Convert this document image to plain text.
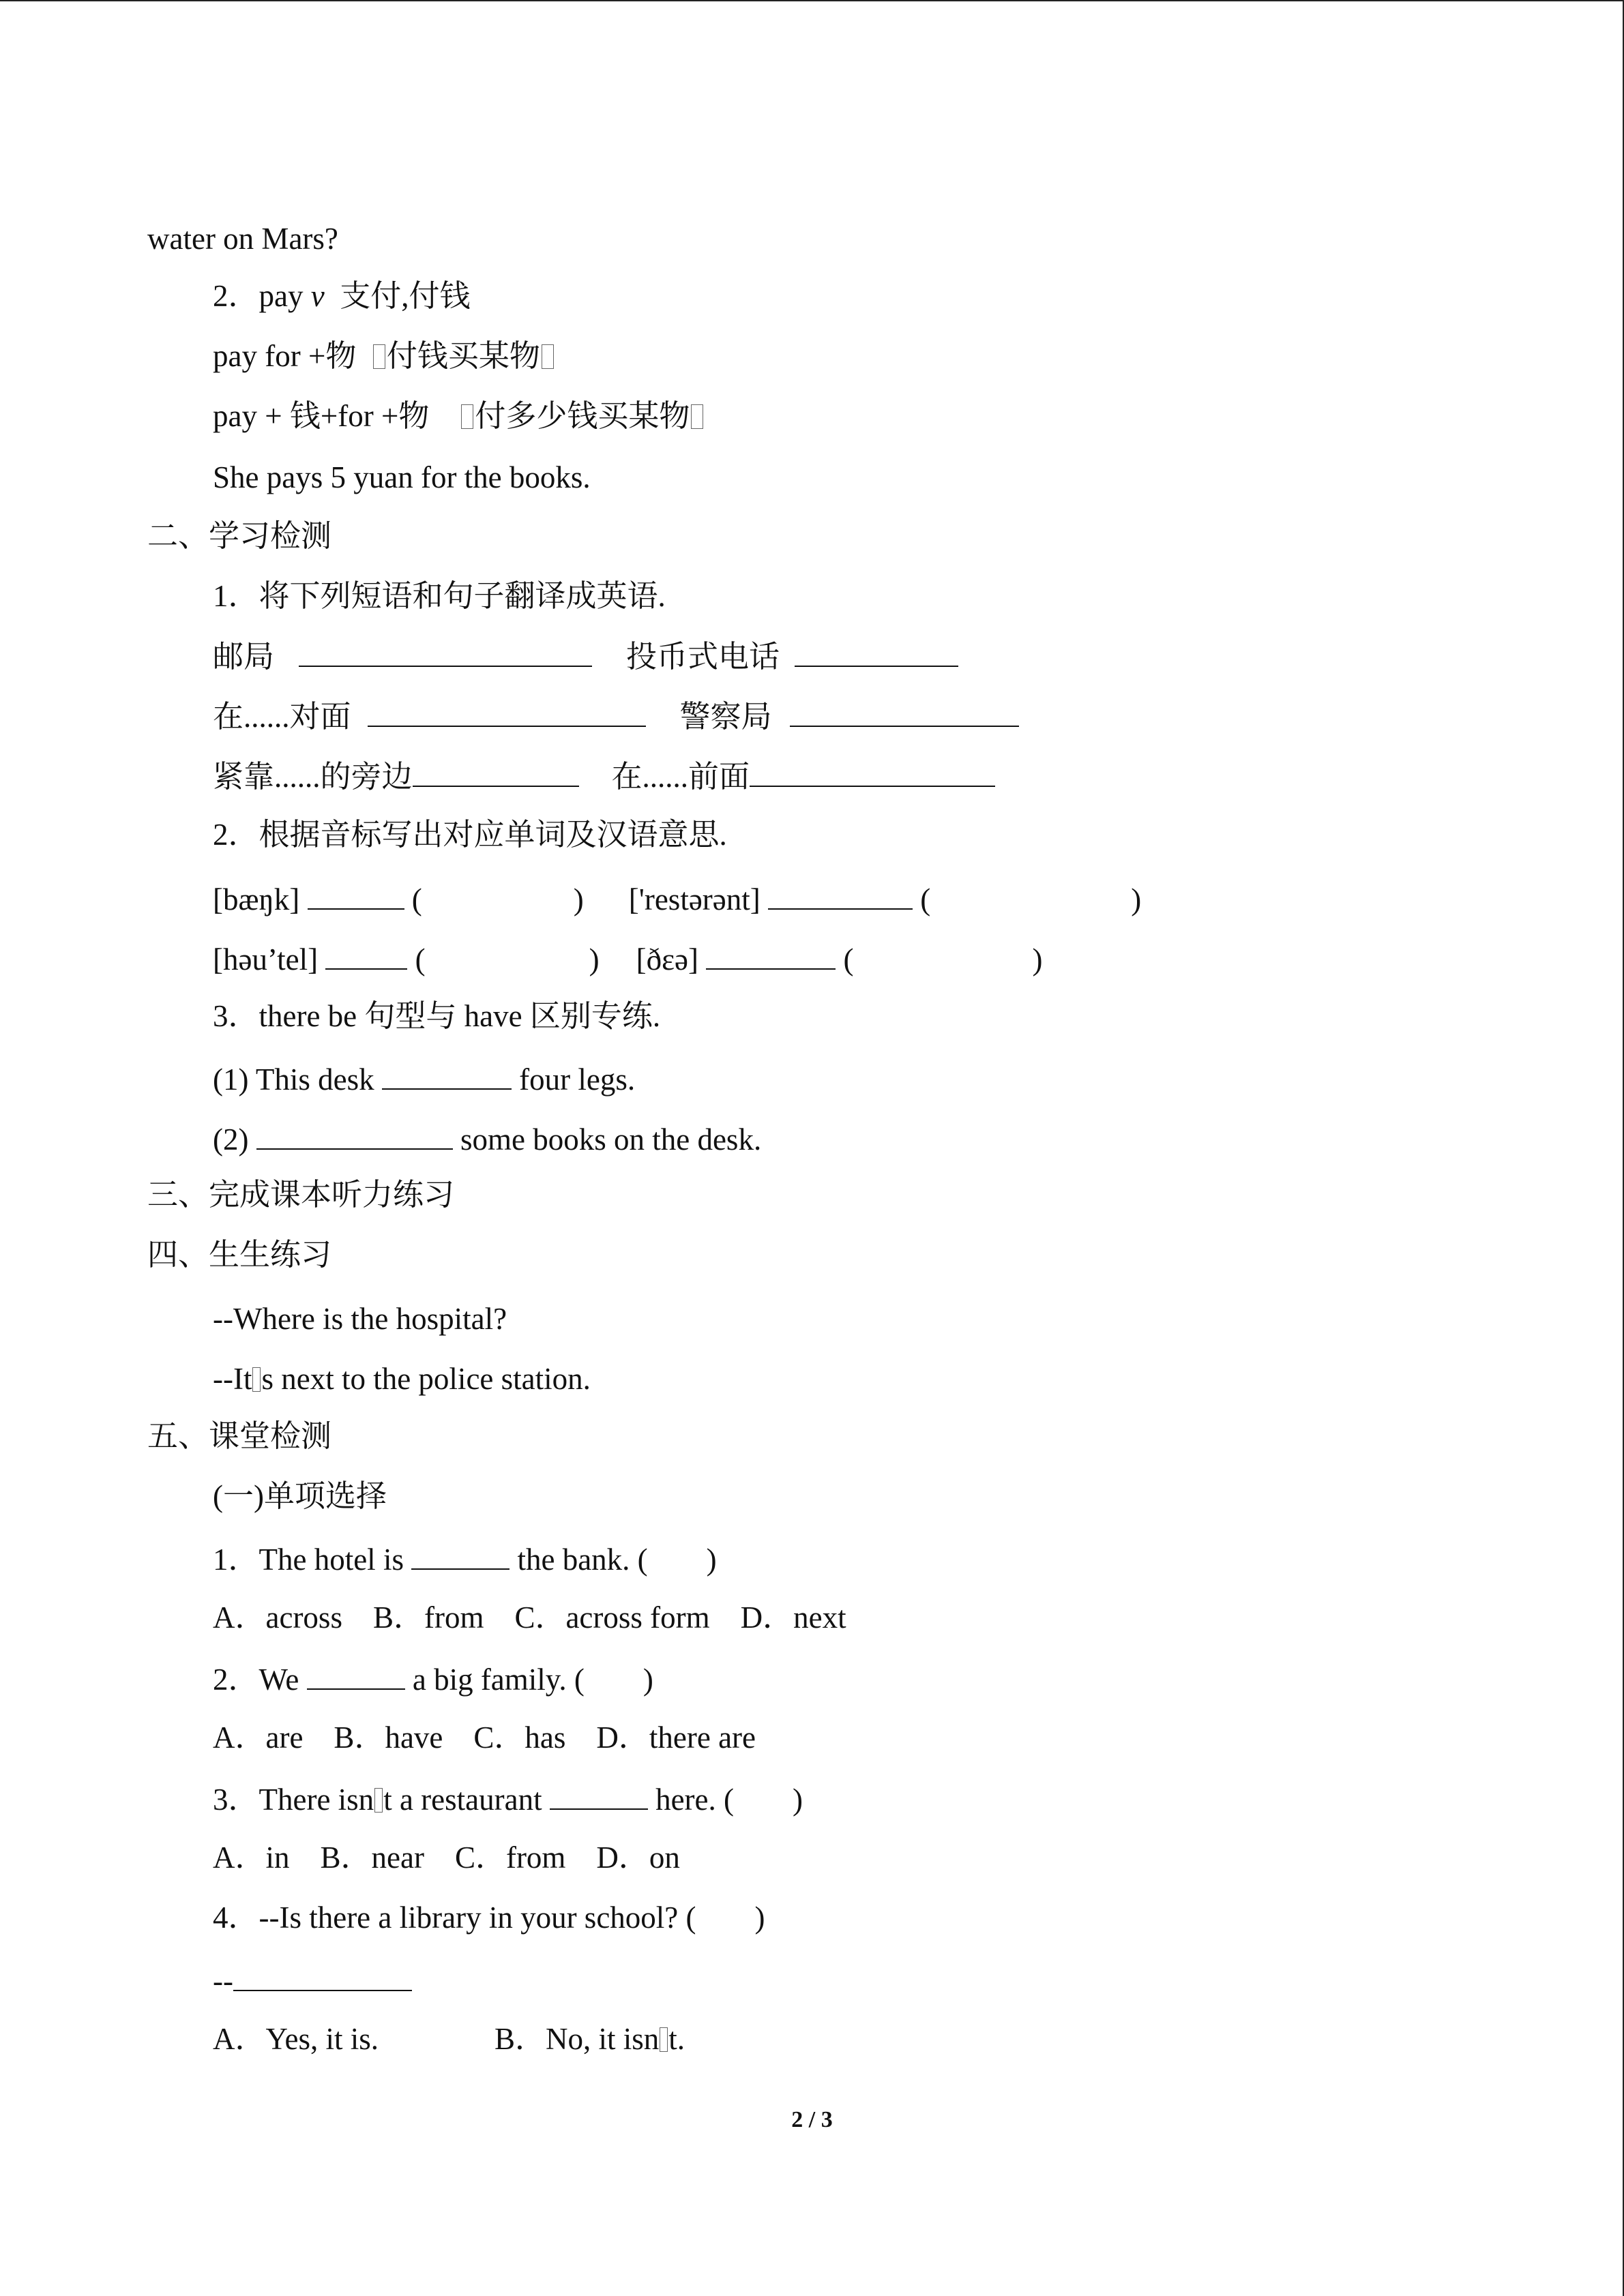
water on Mars?
2．pay v 支付,付钱
pay for +物 付钱买某物
pay + 钱+for +物 付多少钱买某物
She pays 5 yuan for the books.
二、学习检测
1．将下列短语和句子翻译成英语.
邮局	投币式电话
在......对面	警察局
紧靠......的旁边	在......前面
2．根据音标写出对应单词及汉语意思.
[bæŋk]	(	) ['restərənt]	(	)
[həu’tel]	(	) [ðɛə]	(	)
3．there be 句型与 have 区别专练.
(1) This desk	four legs.
(2)	some books on the desk.
三、完成课本听力练习
四、生生练习
--Where is the hospital?
--It s next to the police station.
五、课堂检测
(一)单项选择
1．The hotel is	the bank. ( )
A．across    B．from    C．across form    D．next
2．We	a big family. ( )
A．are    B．have    C．has    D．there are
3．There isn t a restaurant	here. ( )
A．in    B．near    C．from    D．on
4．--Is there a library in your school? ( )
--
A．Yes, it is.	B．No, it isn t.
2 / 3
